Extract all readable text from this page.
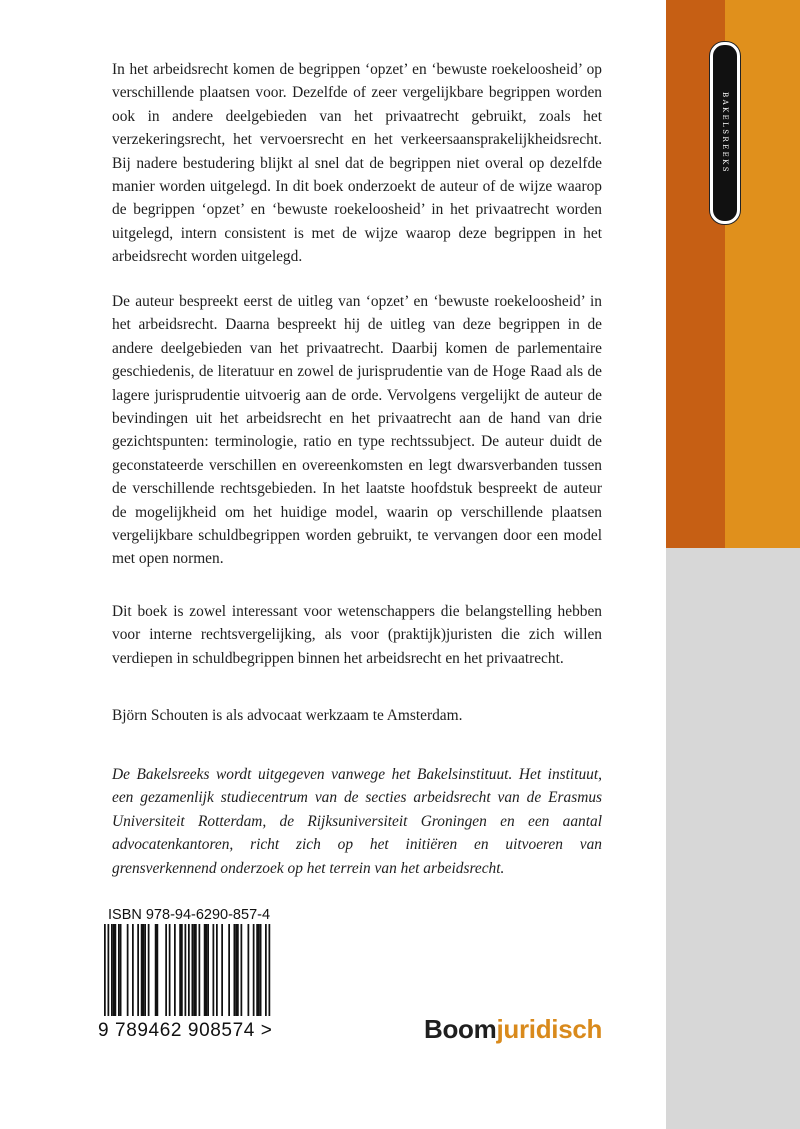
BAKELSREEKS

In het arbeidsrecht komen de begrippen ‘opzet’ en ‘bewuste roekeloosheid’ op verschillende plaatsen voor. Dezelfde of zeer vergelijkbare begrippen worden ook in andere deelgebieden van het privaatrecht gebruikt, zoals het verzekeringsrecht, het vervoersrecht en het verkeersaansprakelijkheidsrecht. Bij nadere bestudering blijkt al snel dat de begrippen niet overal op dezelfde manier worden uitgelegd. In dit boek onderzoekt de auteur of de wijze waarop de begrippen ‘opzet’ en ‘bewuste roekeloosheid’ in het privaatrecht worden uitgelegd, intern consistent is met de wijze waarop deze begrippen in het arbeidsrecht worden uitgelegd.

De auteur bespreekt eerst de uitleg van ‘opzet’ en ‘bewuste roekeloosheid’ in het arbeidsrecht. Daarna bespreekt hij de uitleg van deze begrippen in de andere deelgebieden van het privaatrecht. Daarbij komen de parlementaire geschiedenis, de literatuur en zowel de jurisprudentie van de Hoge Raad als de lagere jurisprudentie uitvoerig aan de orde. Vervolgens vergelijkt de auteur de bevindingen uit het arbeidsrecht en het privaatrecht aan de hand van drie gezichtspunten: terminologie, ratio en type rechtssubject. De auteur duidt de geconstateerde verschillen en overeenkomsten en legt dwarsverbanden tussen de verschillende rechtsgebieden. In het laatste hoofdstuk bespreekt de auteur de mogelijkheid om het huidige model, waarin op verschillende plaatsen vergelijkbare schuldbegrippen worden gebruikt, te vervangen door een model met open normen.

Dit boek is zowel interessant voor wetenschappers die belangstelling hebben voor interne rechtsvergelijking, als voor (praktijk)juristen die zich willen verdiepen in schuldbegrippen binnen het arbeidsrecht en het privaatrecht.

Björn Schouten is als advocaat werkzaam te Amsterdam.

De Bakelsreeks wordt uitgegeven vanwege het Bakelsinstituut. Het instituut, een gezamenlijk studiecentrum van de secties arbeidsrecht van de Erasmus Universiteit Rotterdam, de Rijksuniversiteit Groningen en een aantal advocatenkantoren, richt zich op het initiëren en uitvoeren van grensverkennend onderzoek op het terrein van het arbeidsrecht.

ISBN 978-94-6290-857-4
9 789462 908574 >	Boomjuridisch
